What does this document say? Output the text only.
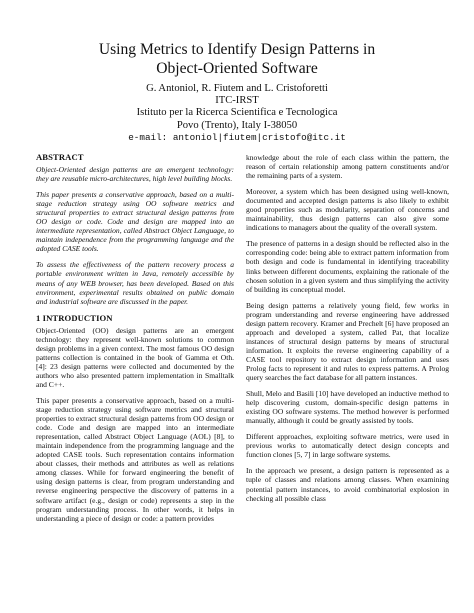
Using Metrics to Identify Design Patterns in
Object-Oriented Software
G. Antoniol, R. Fiutem and L. Cristoforetti
ITC-IRST
Istituto per la Ricerca Scientifica e Tecnologica
Povo (Trento), Italy I-38050
e-mail: antoniol|fiutem|cristofo@itc.it
ABSTRACT

Object-Oriented design patterns are an emergent technology: they are reusable micro-architectures, high level building blocks.

This paper presents a conservative approach, based on a multi-stage reduction strategy using OO software metrics and structural properties to extract structural design patterns from OO design or code. Code and design are mapped into an intermediate representation, called Abstract Object Language, to maintain independence from the programming language and the adopted CASE tools.

To assess the effectiveness of the pattern recovery process a portable environment written in Java, remotely accessible by means of any WEB browser, has been developed. Based on this environment, experimental results obtained on public domain and industrial software are discussed in the paper.

1 INTRODUCTION

Object-Oriented (OO) design patterns are an emergent technology: they represent well-known solutions to common design problems in a given context. The most famous OO design patterns collection is contained in the book of Gamma et Oth. [4]: 23 design patterns were collected and documented by the authors who also presented pattern implementation in Smalltalk and C++.

This paper presents a conservative approach, based on a multi-stage reduction strategy using software metrics and structural properties to extract structural design patterns from OO design or code. Code and design are mapped into an intermediate representation, called Abstract Object Language (AOL) [8], to maintain independence from the programming language and the adopted CASE tools. Such representation contains information about classes, their methods and attributes as well as relations among classes. While for forward engineering the benefit of using design patterns is clear, from program understanding and reverse engineering perspective the discovery of patterns in a software artifact (e.g., design or code) represents a step in the program understanding process. In other words, it helps in understanding a piece of design or code: a pattern provides

knowledge about the role of each class within the pattern, the reason of certain relationship among pattern constituents and/or the remaining parts of a system.

Moreover, a system which has been designed using well-known, documented and accepted design patterns is also likely to exhibit good properties such as modularity, separation of concerns and maintainability, thus design patterns can also give some indications to managers about the quality of the overall system.

The presence of patterns in a design should be reflected also in the corresponding code: being able to extract pattern information from both design and code is fundamental in identifying traceability links between different documents, explaining the rationale of the chosen solution in a given system and thus simplifying the activity of building its conceptual model.

Being design patterns a relatively young field, few works in program understanding and reverse engineering have addressed design pattern recovery. Kramer and Prechelt [6] have proposed an approach and developed a system, called Pat, that localize instances of structural design patterns by means of structural information. It exploits the reverse engineering capability of a CASE tool repository to extract design information and uses Prolog facts to represent it and rules to express patterns. A Prolog query searches the fact database for all pattern instances.

Shull, Melo and Basili [10] have developed an inductive method to help discovering custom, domain-specific design patterns in existing OO software systems. The method however is performed manually, although it could be greatly assisted by tools.

Different approaches, exploiting software metrics, were used in previous works to automatically detect design concepts and function clones [5, 7] in large software systems.

In the approach we present, a design pattern is represented as a tuple of classes and relations among classes. When examining potential pattern instances, to avoid combinatorial explosion in checking all possible class
